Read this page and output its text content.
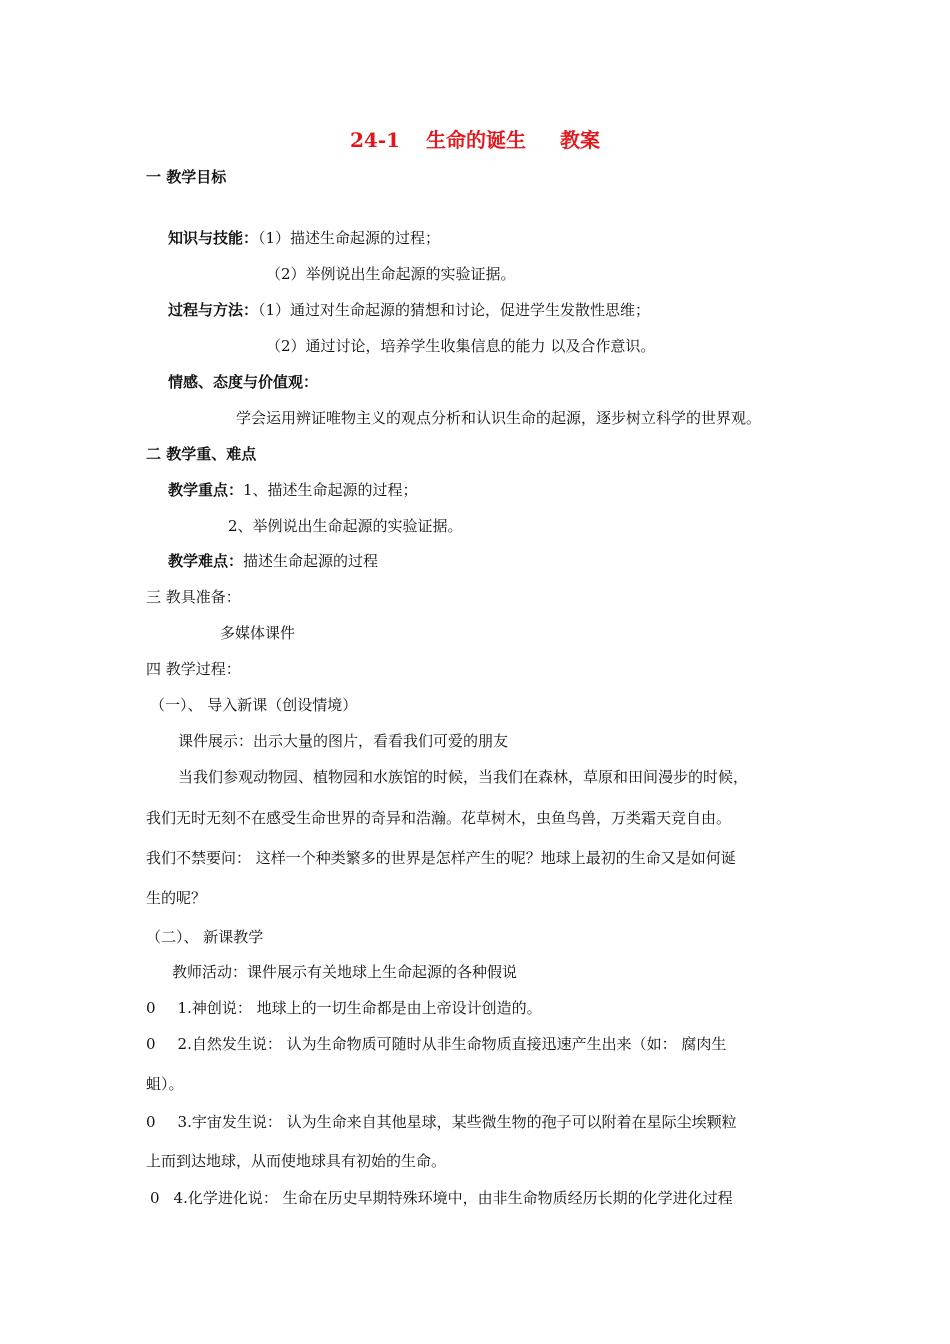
24-1 生命的诞生 教案
一 教学目标
知识与技能：（1）描述生命起源的过程；
（2）举例说出生命起源的实验证据。
过程与方法：（1）通过对生命起源的猜想和讨论，促进学生发散性思维；
（2）通过讨论，培养学生收集信息的能力 以及合作意识。
情感、态度与价值观：
学会运用辨证唯物主义的观点分析和认识生命的起源，逐步树立科学的世界观。
二 教学重、难点
教学重点：1、描述生命起源的过程；
2、举例说出生命起源的实验证据。
教学难点：描述生命起源的过程
三 教具准备：
多媒体课件
四 教学过程：
（一）、 导入新课（创设情境）
课件展示：出示大量的图片，看看我们可爱的朋友
当我们参观动物园、植物园和水族馆的时候，当我们在森林，草原和田间漫步的时候，
我们无时无刻不在感受生命世界的奇异和浩瀚。花草树木，虫鱼鸟兽，万类霜天竞自由。
我们不禁要问： 这样一个种类繁多的世界是怎样产生的呢？地球上最初的生命又是如何诞
生的呢？
（二）、 新课教学
教师活动：课件展示有关地球上生命起源的各种假说
0 1.神创说： 地球上的一切生命都是由上帝设计创造的。
0 2.自然发生说： 认为生命物质可随时从非生命物质直接迅速产生出来（如： 腐肉生
蛆）。
0 3.宇宙发生说： 认为生命来自其他星球，某些微生物的孢子可以附着在星际尘埃颗粒
上而到达地球，从而使地球具有初始的生命。
0 4.化学进化说： 生命在历史早期特殊环境中，由非生命物质经历长期的化学进化过程
